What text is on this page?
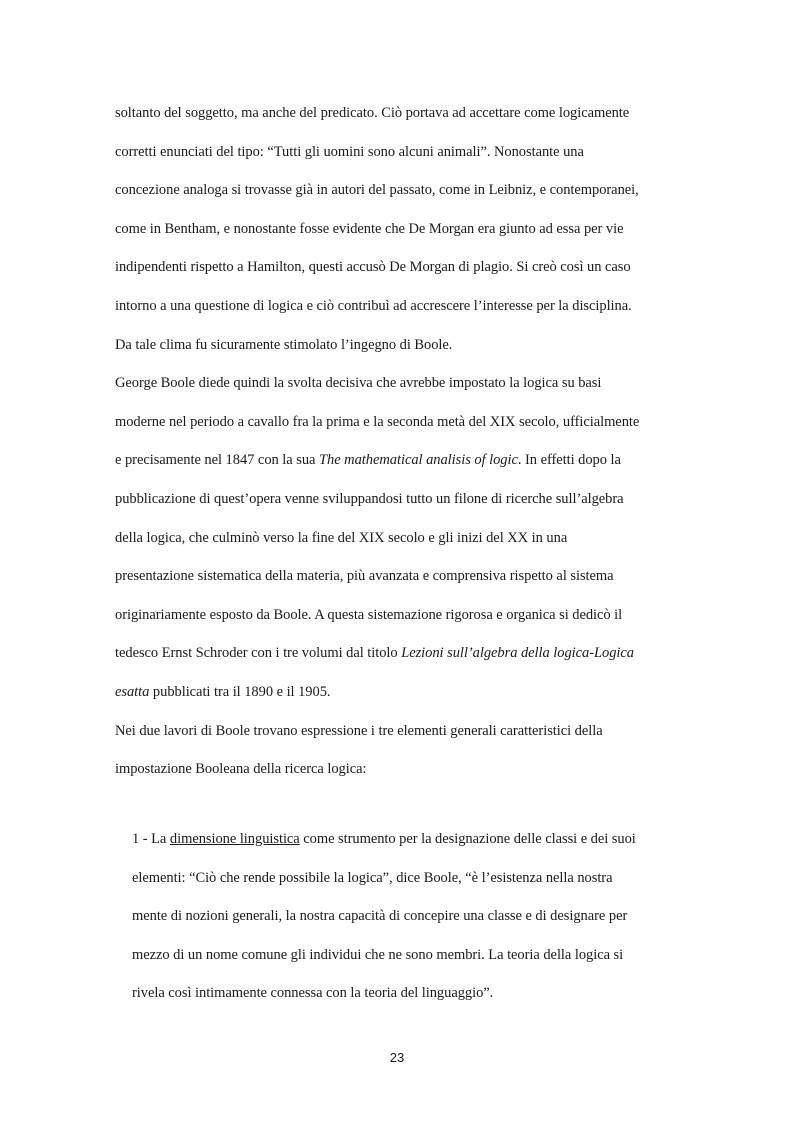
soltanto del soggetto, ma anche del predicato. Ciò portava ad accettare come logicamente
corretti enunciati del tipo: “Tutti gli uomini sono alcuni animali”. Nonostante una
concezione analoga si trovasse già in autori del passato, come in Leibniz, e contemporanei,
come in Bentham, e nonostante fosse evidente che De Morgan era giunto ad essa per vie
indipendenti rispetto a Hamilton, questi accusò De Morgan di plagio. Si creò così un caso
intorno a una questione di logica e ciò contribuì ad accrescere l’interesse per la disciplina.
Da tale clima fu sicuramente stimolato l’ingegno di Boole.
George Boole diede quindi la svolta decisiva che avrebbe impostato la logica su basi
moderne nel periodo a cavallo fra la prima e la seconda metà del XIX secolo, ufficialmente
e precisamente nel 1847 con la sua The mathematical analisis of logic. In effetti dopo la
pubblicazione di quest’opera venne sviluppandosi tutto un filone di ricerche sull’algebra
della logica, che culminò verso la fine del XIX secolo e gli inizi del XX in una
presentazione sistematica della materia, più avanzata e comprensiva rispetto al sistema
originariamente esposto da Boole. A questa sistemazione rigorosa e organica si dedicò il
tedesco Ernst Schroder con i tre volumi dal titolo Lezioni sull’algebra della logica-Logica
esatta pubblicati tra il 1890 e il 1905.
Nei due lavori di Boole trovano espressione i tre elementi generali caratteristici della
impostazione Booleana della ricerca logica:
1 - La dimensione linguistica come strumento per la designazione delle classi e dei suoi
elementi: “Ciò che rende possibile la logica”, dice Boole, “è l’esistenza nella nostra
mente di nozioni generali, la nostra capacità di concepire una classe e di designare per
mezzo di un nome comune gli individui che ne sono membri. La teoria della logica si
rivela così intimamente connessa con la teoria del linguaggio”.
23
